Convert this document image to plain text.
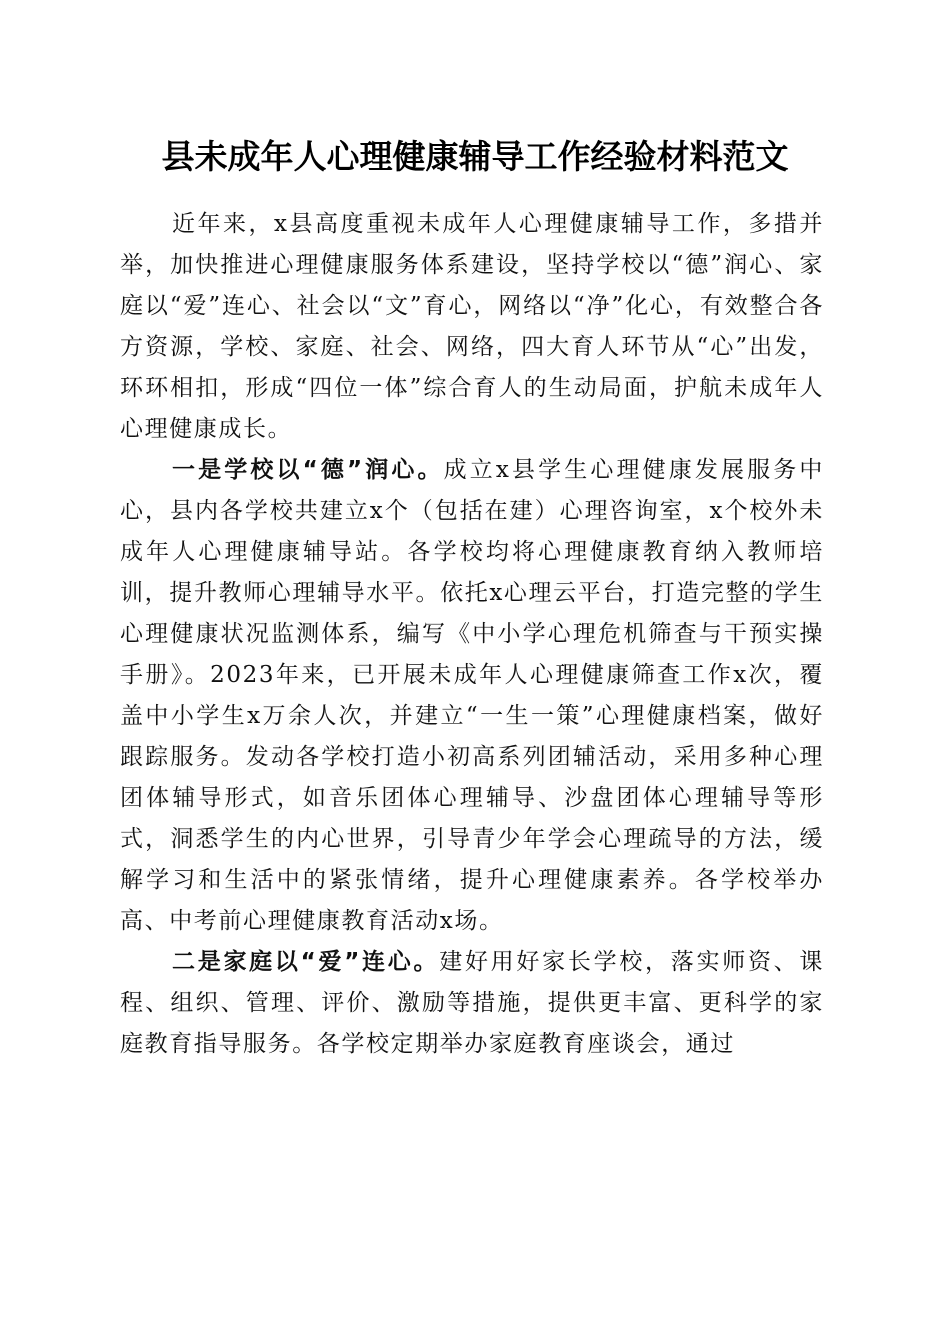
县未成年人心理健康辅导工作经验材料范文

近年来，x县高度重视未成年人心理健康辅导工作，多措并举，加快推进心理健康服务体系建设，坚持学校以“德”润心、家庭以“爱”连心、社会以“文”育心，网络以“净”化心，有效整合各方资源，学校、家庭、社会、网络，四大育人环节从“心”出发，环环相扣，形成“四位一体”综合育人的生动局面，护航未成年人心理健康成长。

一是学校以“德”润心。成立x县学生心理健康发展服务中心，县内各学校共建立x个（包括在建）心理咨询室，x个校外未成年人心理健康辅导站。各学校均将心理健康教育纳入教师培训，提升教师心理辅导水平。依托x心理云平台，打造完整的学生心理健康状况监测体系，编写《中小学心理危机筛查与干预实操手册》。2023年来，已开展未成年人心理健康筛查工作x次，覆盖中小学生x万余人次，并建立“一生一策”心理健康档案，做好跟踪服务。发动各学校打造小初高系列团辅活动，采用多种心理团体辅导形式，如音乐团体心理辅导、沙盘团体心理辅导等形式，洞悉学生的内心世界，引导青少年学会心理疏导的方法，缓解学习和生活中的紧张情绪，提升心理健康素养。各学校举办高、中考前心理健康教育活动x场。

二是家庭以“爱”连心。建好用好家长学校，落实师资、课程、组织、管理、评价、激励等措施，提供更丰富、更科学的家庭教育指导服务。各学校定期举办家庭教育座谈会，通过
